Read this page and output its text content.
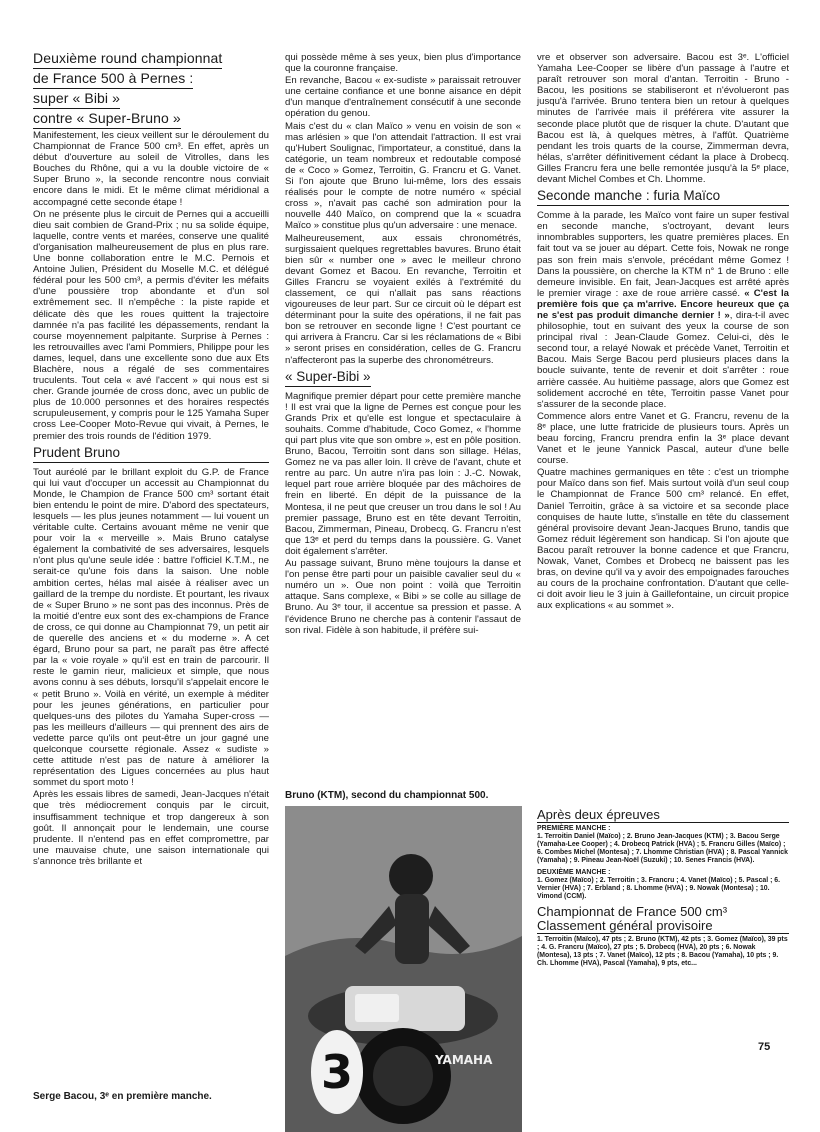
Deuxième round championnat
de France 500 à Pernes :
super « Bibi »
contre « Super-Bruno »

Manifestement, les cieux veillent sur le déroulement du Championnat de France 500 cm³. En effet, après un début d'ouverture au soleil de Vitrolles, dans les Bouches du Rhône, qui a vu la double victoire de « Super Bruno », la seconde rencontre nous conviait encore dans le midi. Et le même climat méridional a accompagné cette seconde étape !

On ne présente plus le circuit de Pernes qui a accueilli dieu sait combien de Grand-Prix ; nu sa solide équipe, laquelle, contre vents et marées, conserve une qualité d'organisation malheureusement de plus en plus rare. Une bonne collaboration entre le M.C. Pernois et Antoine Julien, Président du Moselle M.C. et délégué fédéral pour les 500 cm³, a permis d'éviter les méfaits d'une poussière trop abondante et d'un sol extrêmement sec. Il n'empêche : la piste rapide et délicate dès que les roues quittent la trajectoire damnée n'a pas facilité les dépassements, rendant la course moyennement palpitante. Surprise à Pernes : les retrouvailles avec l'ami Pommiers, Philippe pour les dames, lequel, dans une excellente sono due aux Ets Blachère, nous a régalé de ses commentaires truculents. Tout cela « avé l'accent » qui nous est si cher. Grande journée de cross donc, avec un public de plus de 10.000 personnes et des horaires respectés scrupuleusement, y compris pour le 125 Yamaha Super cross Lee-Cooper Moto-Revue qui vivait, à Pernes, le premier des trois rounds de l'édition 1979.

Prudent Bruno

Tout auréolé par le brillant exploit du G.P. de France qui lui vaut d'occuper un accessit au Championnat du Monde, le Champion de France 500 cm³ sortant était bien entendu le point de mire. D'abord des spectateurs, lesquels — les plus jeunes notamment — lui vouent un véritable culte. Certains avouant même ne venir que pour voir la « merveille ». Mais Bruno catalyse également la combativité de ses adversaires, lesquels n'ont plus qu'une seule idée : battre l'officiel K.T.M., ne serait-ce qu'une fois dans la saison. Une noble ambition certes, hélas mal aisée à réaliser avec un gaillard de la trempe du nordiste. Et pourtant, les rivaux de « Super Bruno » ne sont pas des inconnus. Près de la moitié d'entre eux sont des ex-champions de France de cross, ce qui donne au Championnat 79, un petit air de querelle des anciens et « du moderne ». A cet égard, Bruno pour sa part, ne paraît pas être affecté par la « voie royale » qu'il est en train de parcourir. Il reste le gamin rieur, malicieux et simple, que nous avons connu à ses débuts, lorsqu'il s'appelait encore le « petit Bruno ». Voilà en vérité, un exemple à méditer pour les jeunes générations, en particulier pour quelques-uns des pilotes du Yamaha Super-cross — pas les meilleurs d'ailleurs — qui prennent des airs de vedette parce qu'ils ont peut-être un jour gagné une quelconque coursette régionale. Assez « sudiste » cette attitude n'est pas de nature à améliorer la représentation des Ligues concernées au plus haut sommet du sport moto !

Après les essais libres de samedi, Jean-Jacques n'était que très médiocrement conquis par le circuit, insuffisamment technique et trop dangereux à son goût. Il annonçait pour le lendemain, une course prudente. Il n'entend pas en effet compromettre, par une mauvaise chute, une saison internationale qui s'annonce très brillante et

Serge Bacou, 3ᵉ en première manche.

qui possède même à ses yeux, bien plus d'importance que la couronne française.

En revanche, Bacou « ex-sudiste » paraissait retrouver une certaine confiance et une bonne aisance en dépit d'un manque d'entraînement consécutif à une seconde opération du genou.

Mais c'est du « clan Maïco » venu en voisin de son « mas arlésien » que l'on attendait l'attraction. Il est vrai qu'Hubert Soulignac, l'importateur, a constitué, dans la catégorie, un team nombreux et redoutable composé de « Coco » Gomez, Terroitin, G. Francru et G. Vanet. Si l'on ajoute que Bruno lui-même, lors des essais réalisés pour le compte de notre numéro « spécial cross », n'avait pas caché son admiration pour la nouvelle 440 Maïco, on comprend que la « scuadra Maïco » constitue plus qu'un adversaire : une menace.

Malheureusement, aux essais chronométrés, surgissaient quelques regrettables bavures. Bruno était bien sûr « number one » avec le meilleur chrono devant Gomez et Bacou. En revanche, Terroitin et Gilles Francru se voyaient exilés à l'extrémité du classement, ce qui n'allait pas sans réactions vigoureuses de leur part. Sur ce circuit où le départ est déterminant pour la suite des opérations, il ne fait pas bon se retrouver en seconde ligne ! C'est pourtant ce qui arrivera à Francru. Car si les réclamations de « Bibi » seront prises en considération, celles de G. Francru n'affecteront pas la superbe des chronométreurs.

« Super-Bibi »

Magnifique premier départ pour cette première manche ! Il est vrai que la ligne de Pernes est conçue pour les Grands Prix et qu'elle est longue et spectaculaire à souhaits. Comme d'habitude, Coco Gomez, « l'homme qui part plus vite que son ombre », est en pôle position. Bruno, Bacou, Terroitin sont dans son sillage. Hélas, Gomez ne va pas aller loin. Il crève de l'avant, chute et rentre au parc. Un autre n'ira pas loin : J.-C. Nowak, lequel part roue arrière bloquée par des mâchoires de frein en liberté. En dépit de la puissance de la Montesa, il ne peut que creuser un trou dans le sol ! Au premier passage, Bruno est en tête devant Terroitin, Bacou, Zimmerman, Pineau, Drobecq. G. Francru n'est que 13ᵉ et perd du temps dans la poussière. G. Vanet doit également s'arrêter.

Au passage suivant, Bruno mène toujours la danse et l'on pense être parti pour un paisible cavalier seul du « numéro un ». Oue non point : voilà que Terroitin attaque. Sans complexe, « Bibi » se colle au sillage de Bruno. Au 3ᵉ tour, il accentue sa pression et passe. A l'évidence Bruno ne cherche pas à contenir l'assaut de son rival. Fidèle à son habitude, il préfère sui-

Bruno (KTM), second du championnat 500.
3	YAMAHA

vre et observer son adversaire. Bacou est 3ᵉ. L'officiel Yamaha Lee-Cooper se libère d'un passage à l'autre et paraît retrouver son moral d'antan. Terroitin - Bruno - Bacou, les positions se stabiliseront et n'évolueront pas jusqu'à l'arrivée. Bruno tentera bien un retour à quelques minutes de l'arrivée mais il préférera vite assurer la seconde place plutôt que de risquer la chute. D'autant que Bacou est là, à quelques mètres, à l'affût. Quatrième pendant les trois quarts de la course, Zimmerman devra, hélas, s'arrêter définitivement cédant la place à Drobecq. Gilles Francru fera une belle remontée jusqu'à la 5ᵉ place, devant Michel Combes et Ch. Lhomme.

Seconde manche : furia Maïco

Comme à la parade, les Maïco vont faire un super festival en seconde manche, s'octroyant, devant leurs innombrables supporters, les quatre premières places. En fait tout va se jouer au départ. Cette fois, Nowak ne ronge pas son frein mais s'envole, précédant même Gomez ! Dans la poussière, on cherche la KTM n° 1 de Bruno : elle demeure invisible. En fait, Jean-Jacques est arrêté après le premier virage : axe de roue arrière cassé. « C'est la première fois que ça m'arrive. Encore heureux que ça ne s'est pas produit dimanche dernier ! », dira-t-il avec philosophie, tout en suivant des yeux la course de son principal rival : Jean-Claude Gomez. Celui-ci, dès le second tour, a relayé Nowak et précède Vanet, Terroitin et Bacou. Mais Serge Bacou perd plusieurs places dans la boucle suivante, tente de revenir et doit s'arrêter : roue arrière cassée. Au huitième passage, alors que Gomez est solidement accroché en tête, Terroitin passe Vanet pour s'assurer de la seconde place.

Commence alors entre Vanet et G. Francru, revenu de la 8ᵉ place, une lutte fratricide de plusieurs tours. Après un beau forcing, Francru prendra enfin la 3ᵉ place devant Vanet et le jeune Yannick Pascal, auteur d'une belle course.

Quatre machines germaniques en tête : c'est un triomphe pour Maïco dans son fief. Mais surtout voilà d'un seul coup le Championnat de France 500 cm³ relancé. En effet, Daniel Terroitin, grâce à sa victoire et sa seconde place conquises de haute lutte, s'installe en tête du classement général provisoire devant Jean-Jacques Bruno, tandis que Gomez réduit légèrement son handicap. Si l'on ajoute que Bacou paraît retrouver la bonne cadence et que Francru, Nowak, Vanet, Combes et Drobecq ne baissent pas les bras, on devine qu'il va y avoir des empoignades farouches au cours de la prochaine confrontation. D'autant que celle-ci doit avoir lieu le 3 juin à Gaillefontaine, un circuit propice aux explications « au sommet ».

Après deux épreuves
PREMIÈRE MANCHE :

1. Terroitin Daniel (Maïco) ; 2. Bruno Jean-Jacques (KTM) ; 3. Bacou Serge (Yamaha-Lee Cooper) ; 4. Drobecq Patrick (HVA) ; 5. Francru Gilles (Maïco) ; 6. Combes Michel (Montesa) ; 7. Lhomme Christian (HVA) ; 8. Pascal Yannick (Yamaha) ; 9. Pineau Jean-Noël (Suzuki) ; 10. Senes Francis (HVA).

DEUXIÈME MANCHE :

1. Gomez (Maïco) ; 2. Terroitin ; 3. Francru ; 4. Vanet (Maïco) ; 5. Pascal ; 6. Vernier (HVA) ; 7. Erbland ; 8. Lhomme (HVA) ; 9. Nowak (Montesa) ; 10. Vimond (CCM).

Championnat de France 500 cm³
Classement général provisoire

1. Terroitin (Maïco), 47 pts ; 2. Bruno (KTM), 42 pts ; 3. Gomez (Maïco), 39 pts ; 4. G. Francru (Maïco), 27 pts ; 5. Drobecq (HVA), 20 pts ; 6. Nowak (Montesa), 13 pts ; 7. Vanet (Maïco), 12 pts ; 8. Bacou (Yamaha), 10 pts ; 9. Ch. Lhomme (HVA), Pascal (Yamaha), 9 pts, etc...

75
